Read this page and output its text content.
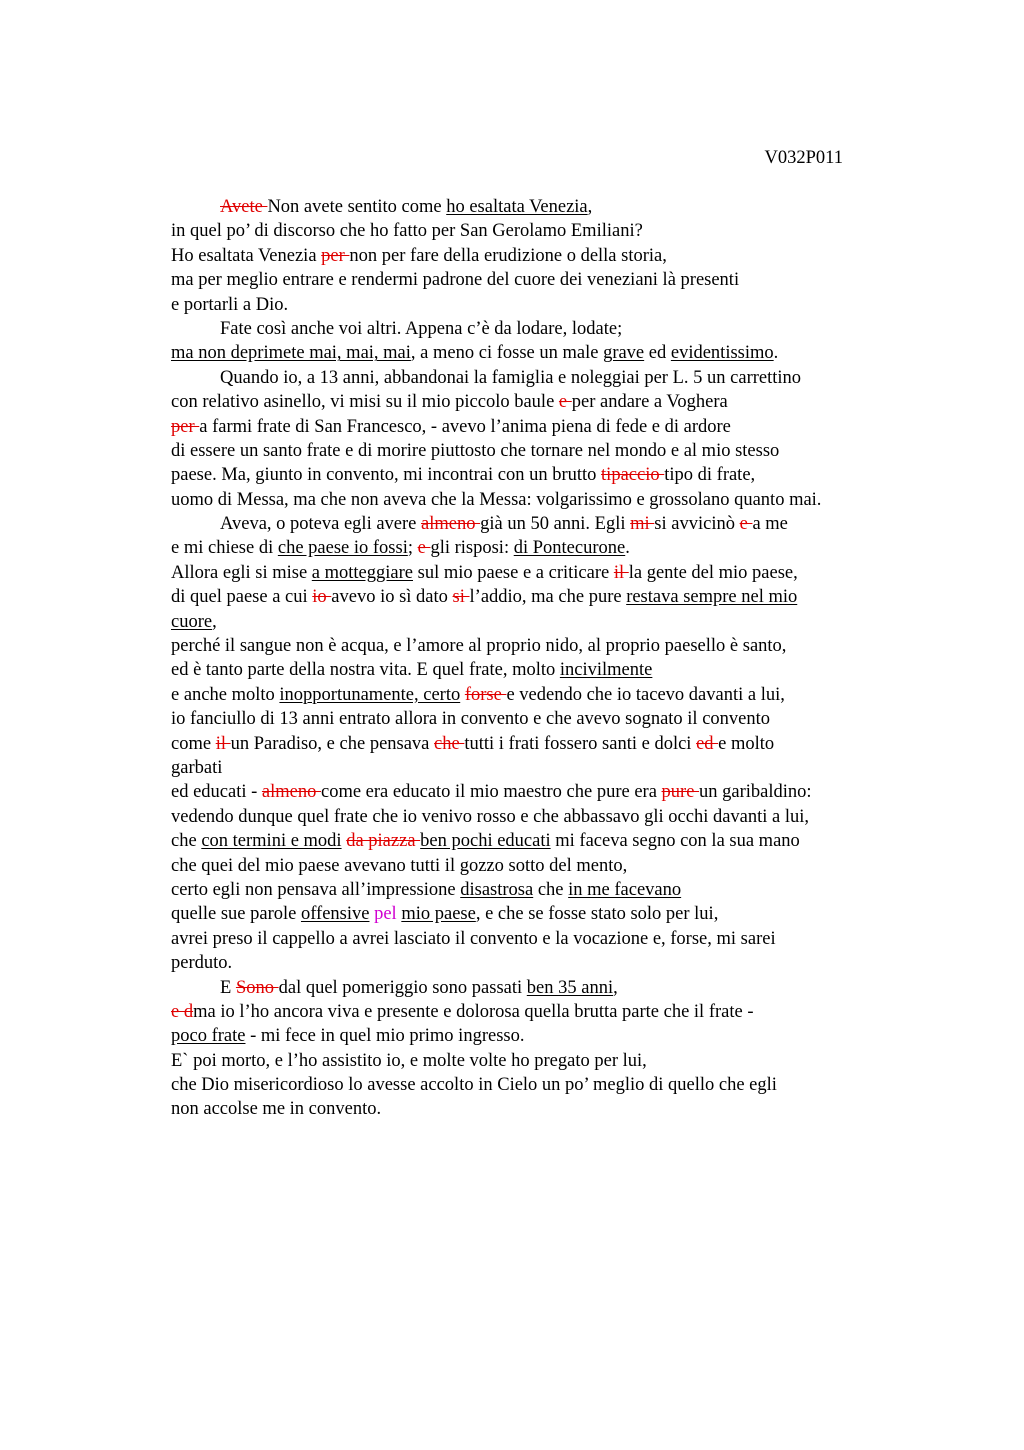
V032P011
Avete Non avete sentito come ho esaltata Venezia,
in quel po’ di discorso che ho fatto per San Gerolamo Emiliani?
Ho esaltata Venezia per non per fare della erudizione o della storia,
ma per meglio entrare e rendermi padrone del cuore dei veneziani là presenti
e portarli a Dio.
Fate così anche voi altri. Appena c’è da lodare, lodate;
ma non deprimete mai, mai, mai, a meno ci fosse un male grave ed evidentissimo.
Quando io, a 13 anni, abbandonai la famiglia e noleggiai per L. 5 un carrettino
con relativo asinello, vi misi su il mio piccolo baule e per andare a Voghera
per a farmi frate di San Francesco, - avevo l’anima piena di fede e di ardore
di essere un santo frate e di morire piuttosto che tornare nel mondo e al mio stesso
paese. Ma, giunto in convento, mi incontrai con un brutto tipaccio tipo di frate,
uomo di Messa, ma che non aveva che la Messa: volgarissimo e grossolano quanto mai.
Aveva, o poteva egli avere almeno già un 50 anni. Egli mi si avvicinò e a me
e mi chiese di che paese io fossi; e gli risposi: di Pontecurone.
Allora egli si mise a motteggiare sul mio paese e a criticare il la gente del mio paese,
di quel paese a cui io avevo io sì dato si l’addio, ma che pure restava sempre nel mio
cuore,
perché il sangue non è acqua, e l’amore al proprio nido, al proprio paesello è santo,
ed è tanto parte della nostra vita. E quel frate, molto incivilmente
e anche molto inopportunamente, certo forse e vedendo che io tacevo davanti a lui,
io fanciullo di 13 anni entrato allora in convento e che avevo sognato il convento
come il un Paradiso, e che pensava che tutti i frati fossero santi e dolci ed e molto
garbati
ed educati - almeno come era educato il mio maestro che pure era pure un garibaldino:
vedendo dunque quel frate che io venivo rosso e che abbassavo gli occhi davanti a lui,
che con termini e modi da piazza ben pochi educati mi faceva segno con la sua mano
che quei del mio paese avevano tutti il gozzo sotto del mento,
certo egli non pensava all’impressione disastrosa che in me facevano
quelle sue parole offensive pel mio paese, e che se fosse stato solo per lui,
avrei preso il cappello a avrei lasciato il convento e la vocazione e, forse, mi sarei
perduto.
E Sono dal quel pomeriggio sono passati ben 35 anni,
e dma io l’ho ancora viva e presente e dolorosa quella brutta parte che il frate -
poco frate - mi fece in quel mio primo ingresso.
E` poi morto, e l’ho assistito io, e molte volte ho pregato per lui,
che Dio misericordioso lo avesse accolto in Cielo un po’ meglio di quello che egli
non accolse me in convento.
